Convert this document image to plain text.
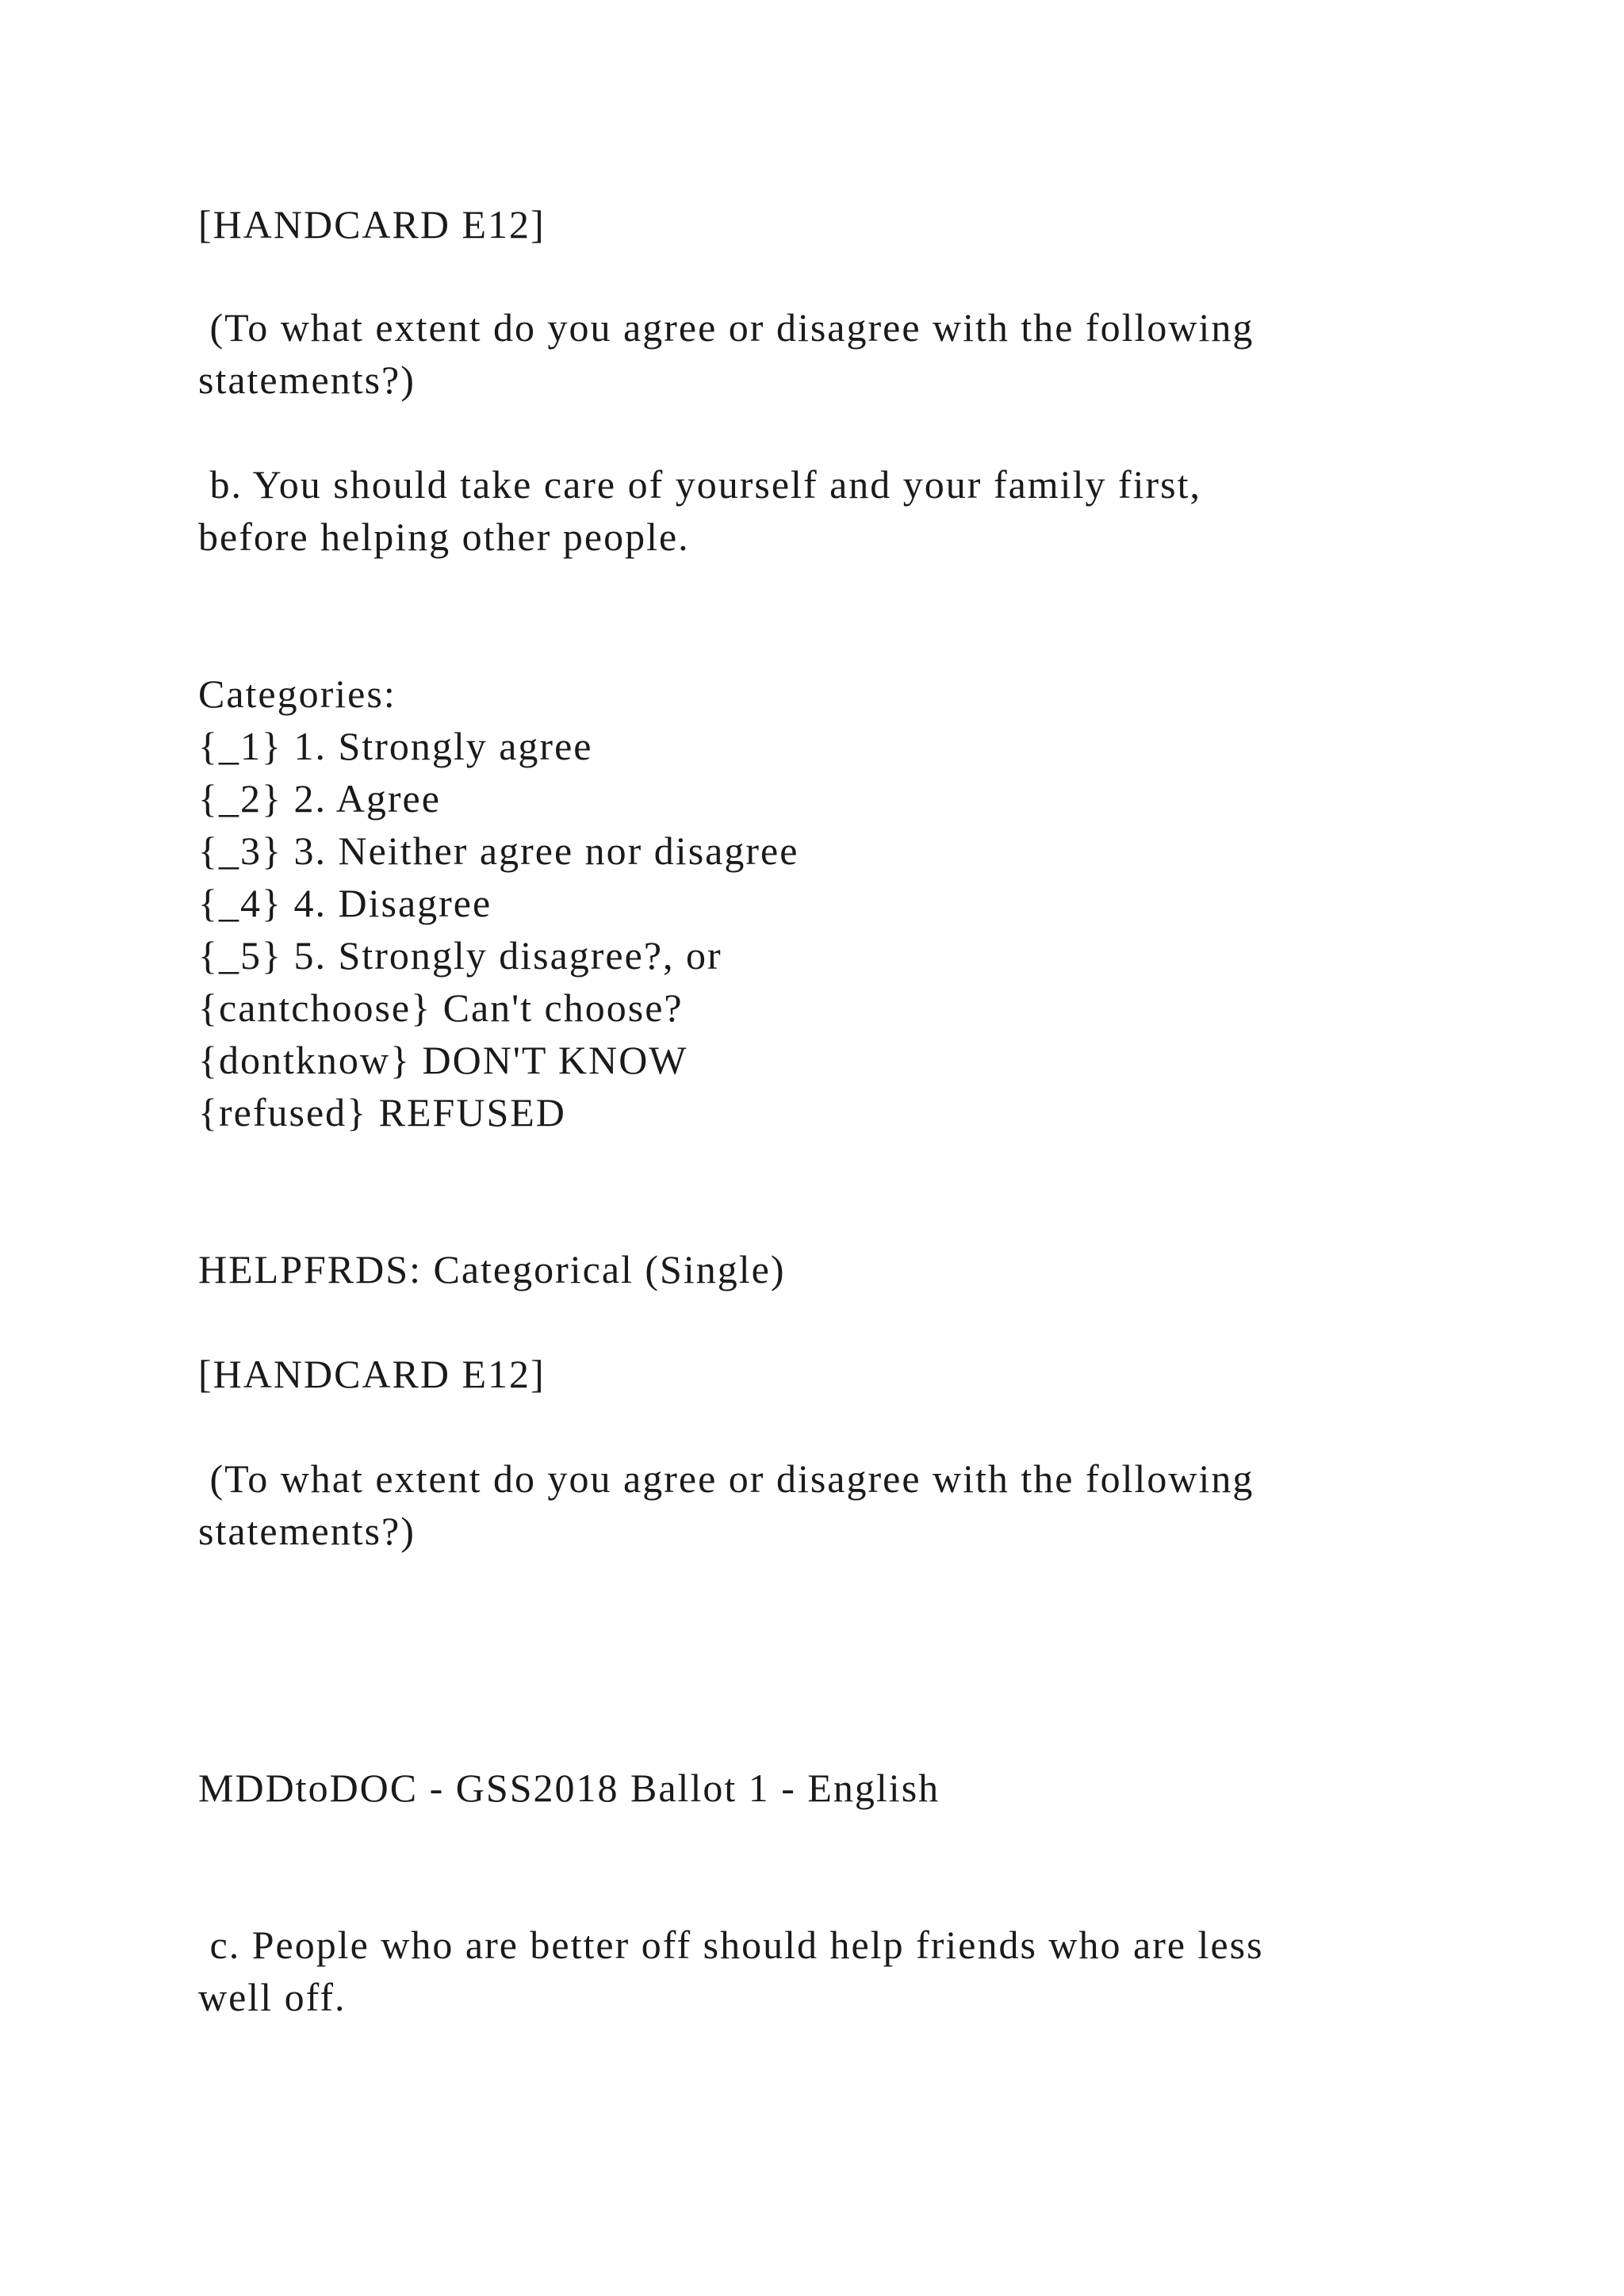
[HANDCARD E12]

(To what extent do you agree or disagree with the following

statements?)

b. You should take care of yourself and your family first,

before helping other people.

Categories:

{_1} 1. Strongly agree

{_2} 2. Agree

{_3} 3. Neither agree nor disagree

{_4} 4. Disagree

{_5} 5. Strongly disagree?, or

{cantchoose} Can't choose?

{dontknow} DON'T KNOW

{refused} REFUSED

HELPFRDS: Categorical (Single)

[HANDCARD E12]

(To what extent do you agree or disagree with the following

statements?)

MDDtoDOC - GSS2018 Ballot 1 - English

c. People who are better off should help friends who are less

well off.
